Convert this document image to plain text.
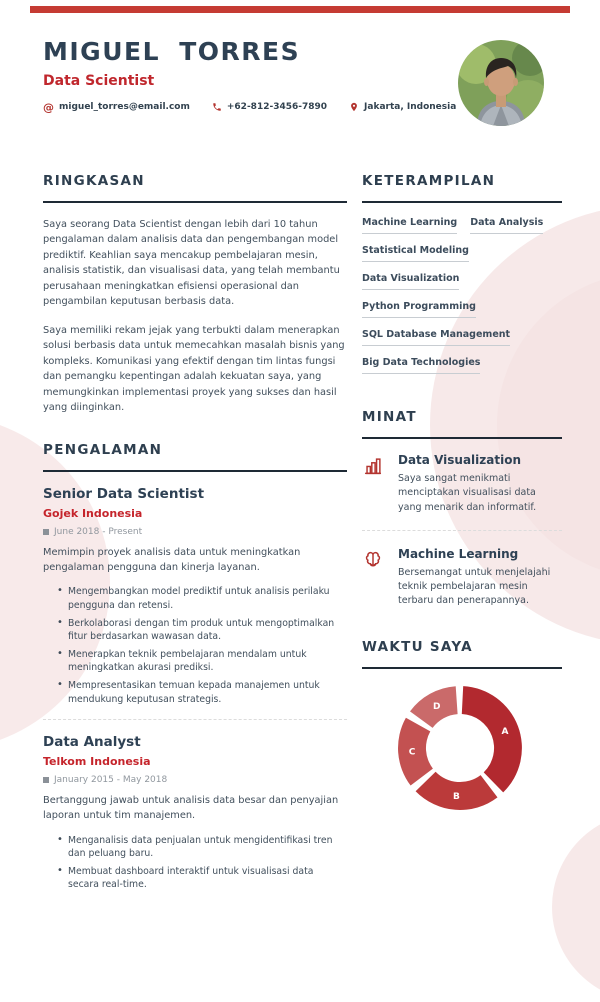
MIGUEL TORRES
Data Scientist
@ miguel_torres@email.com	+62-812-3456-7890	Jakarta, Indonesia
RINGKASAN

Saya seorang Data Scientist dengan lebih dari 10 tahun pengalaman dalam analisis data dan pengembangan model prediktif. Keahlian saya mencakup pembelajaran mesin, analisis statistik, dan visualisasi data, yang telah membantu perusahaan meningkatkan efisiensi operasional dan pengambilan keputusan berbasis data.

Saya memiliki rekam jejak yang terbukti dalam menerapkan solusi berbasis data untuk memecahkan masalah bisnis yang kompleks. Komunikasi yang efektif dengan tim lintas fungsi dan pemangku kepentingan adalah kekuatan saya, yang memungkinkan implementasi proyek yang sukses dan hasil yang diinginkan.

PENGALAMAN
Senior Data Scientist
Gojek Indonesia
June 2018 - Present

Memimpin proyek analisis data untuk meningkatkan pengalaman pengguna dan kinerja layanan.

• Mengembangkan model prediktif untuk analisis perilaku pengguna dan retensi.
• Berkolaborasi dengan tim produk untuk mengoptimalkan fitur berdasarkan wawasan data.
• Menerapkan teknik pembelajaran mendalam untuk meningkatkan akurasi prediksi.
• Mempresentasikan temuan kepada manajemen untuk mendukung keputusan strategis.
Data Analyst
Telkom Indonesia
January 2015 - May 2018

Bertanggung jawab untuk analisis data besar dan penyajian laporan untuk tim manajemen.

• Menganalisis data penjualan untuk mengidentifikasi tren dan peluang baru.
• Membuat dashboard interaktif untuk visualisasi data secara real-time.
KETERAMPILAN
Machine Learning Data Analysis
Statistical Modeling
Data Visualization
Python Programming
SQL Database Management
Big Data Technologies
MINAT
Data Visualization

Saya sangat menikmati menciptakan visualisasi data yang menarik dan informatif.

Machine Learning

Bersemangat untuk menjelajahi teknik pembelajaran mesin terbaru dan penerapannya.

WAKTU SAYA
A
B
C
D
